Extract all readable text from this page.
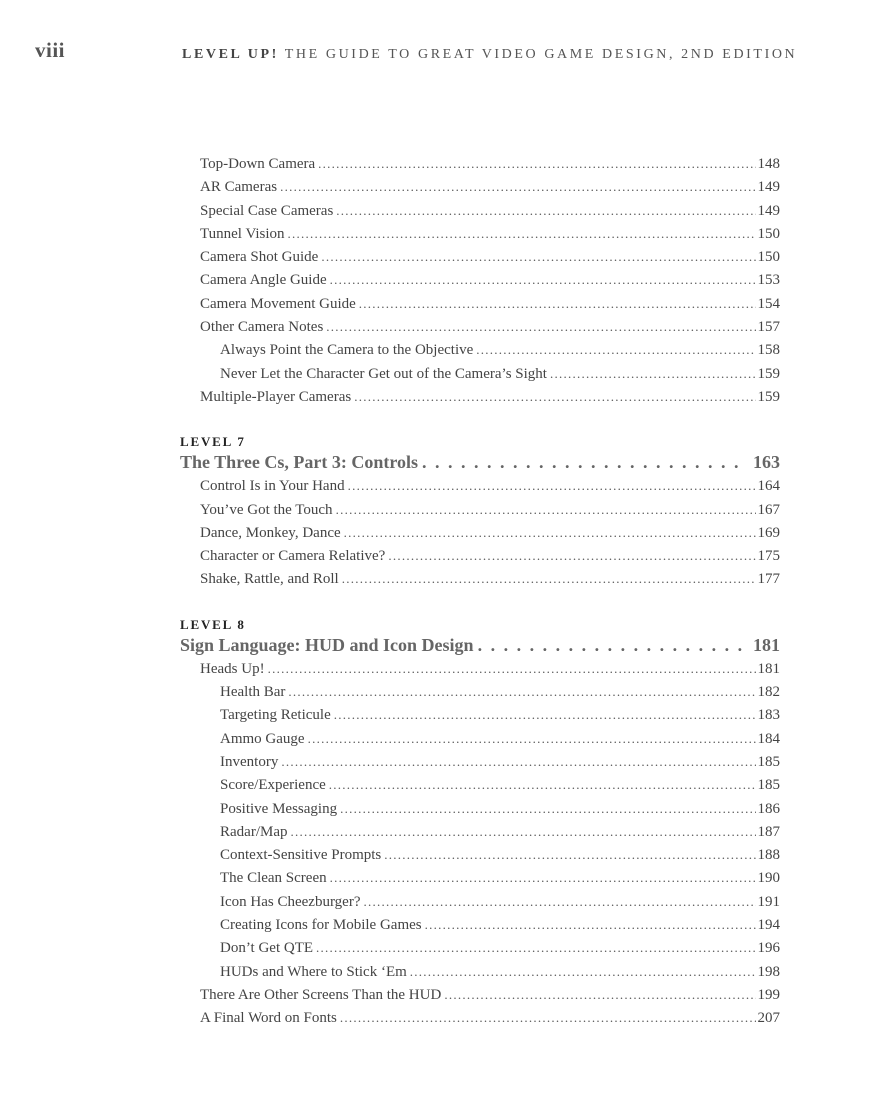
viii	LEVEL UP! THE GUIDE TO GREAT VIDEO GAME DESIGN, 2ND EDITION
Top-Down Camera . . .	148
AR Cameras . . .	149
Special Case Cameras . . .	149
Tunnel Vision . . .	150
Camera Shot Guide . . .	150
Camera Angle Guide . . .	153
Camera Movement Guide . . .	154
Other Camera Notes . . .	157
Always Point the Camera to the Objective . . .	158
Never Let the Character Get out of the Camera’s Sight . . .	159
Multiple-Player Cameras . . .	159
LEVEL 7
The Three Cs, Part 3: Controls . . .	163
Control Is in Your Hand . . .	164
You’ve Got the Touch . . .	167
Dance, Monkey, Dance . . .	169
Character or Camera Relative? . . .	175
Shake, Rattle, and Roll . . .	177
LEVEL 8
Sign Language: HUD and Icon Design . . .	181
Heads Up! . . .	181
Health Bar . . .	182
Targeting Reticule . . .	183
Ammo Gauge . . .	184
Inventory . . .	185
Score/Experience . . .	185
Positive Messaging . . .	186
Radar/Map . . .	187
Context-Sensitive Prompts . . .	188
The Clean Screen . . .	190
Icon Has Cheezburger? . . .	191
Creating Icons for Mobile Games . . .	194
Don’t Get QTE . . .	196
HUDs and Where to Stick ‘Em . . .	198
There Are Other Screens Than the HUD . . .	199
A Final Word on Fonts . . .	207
